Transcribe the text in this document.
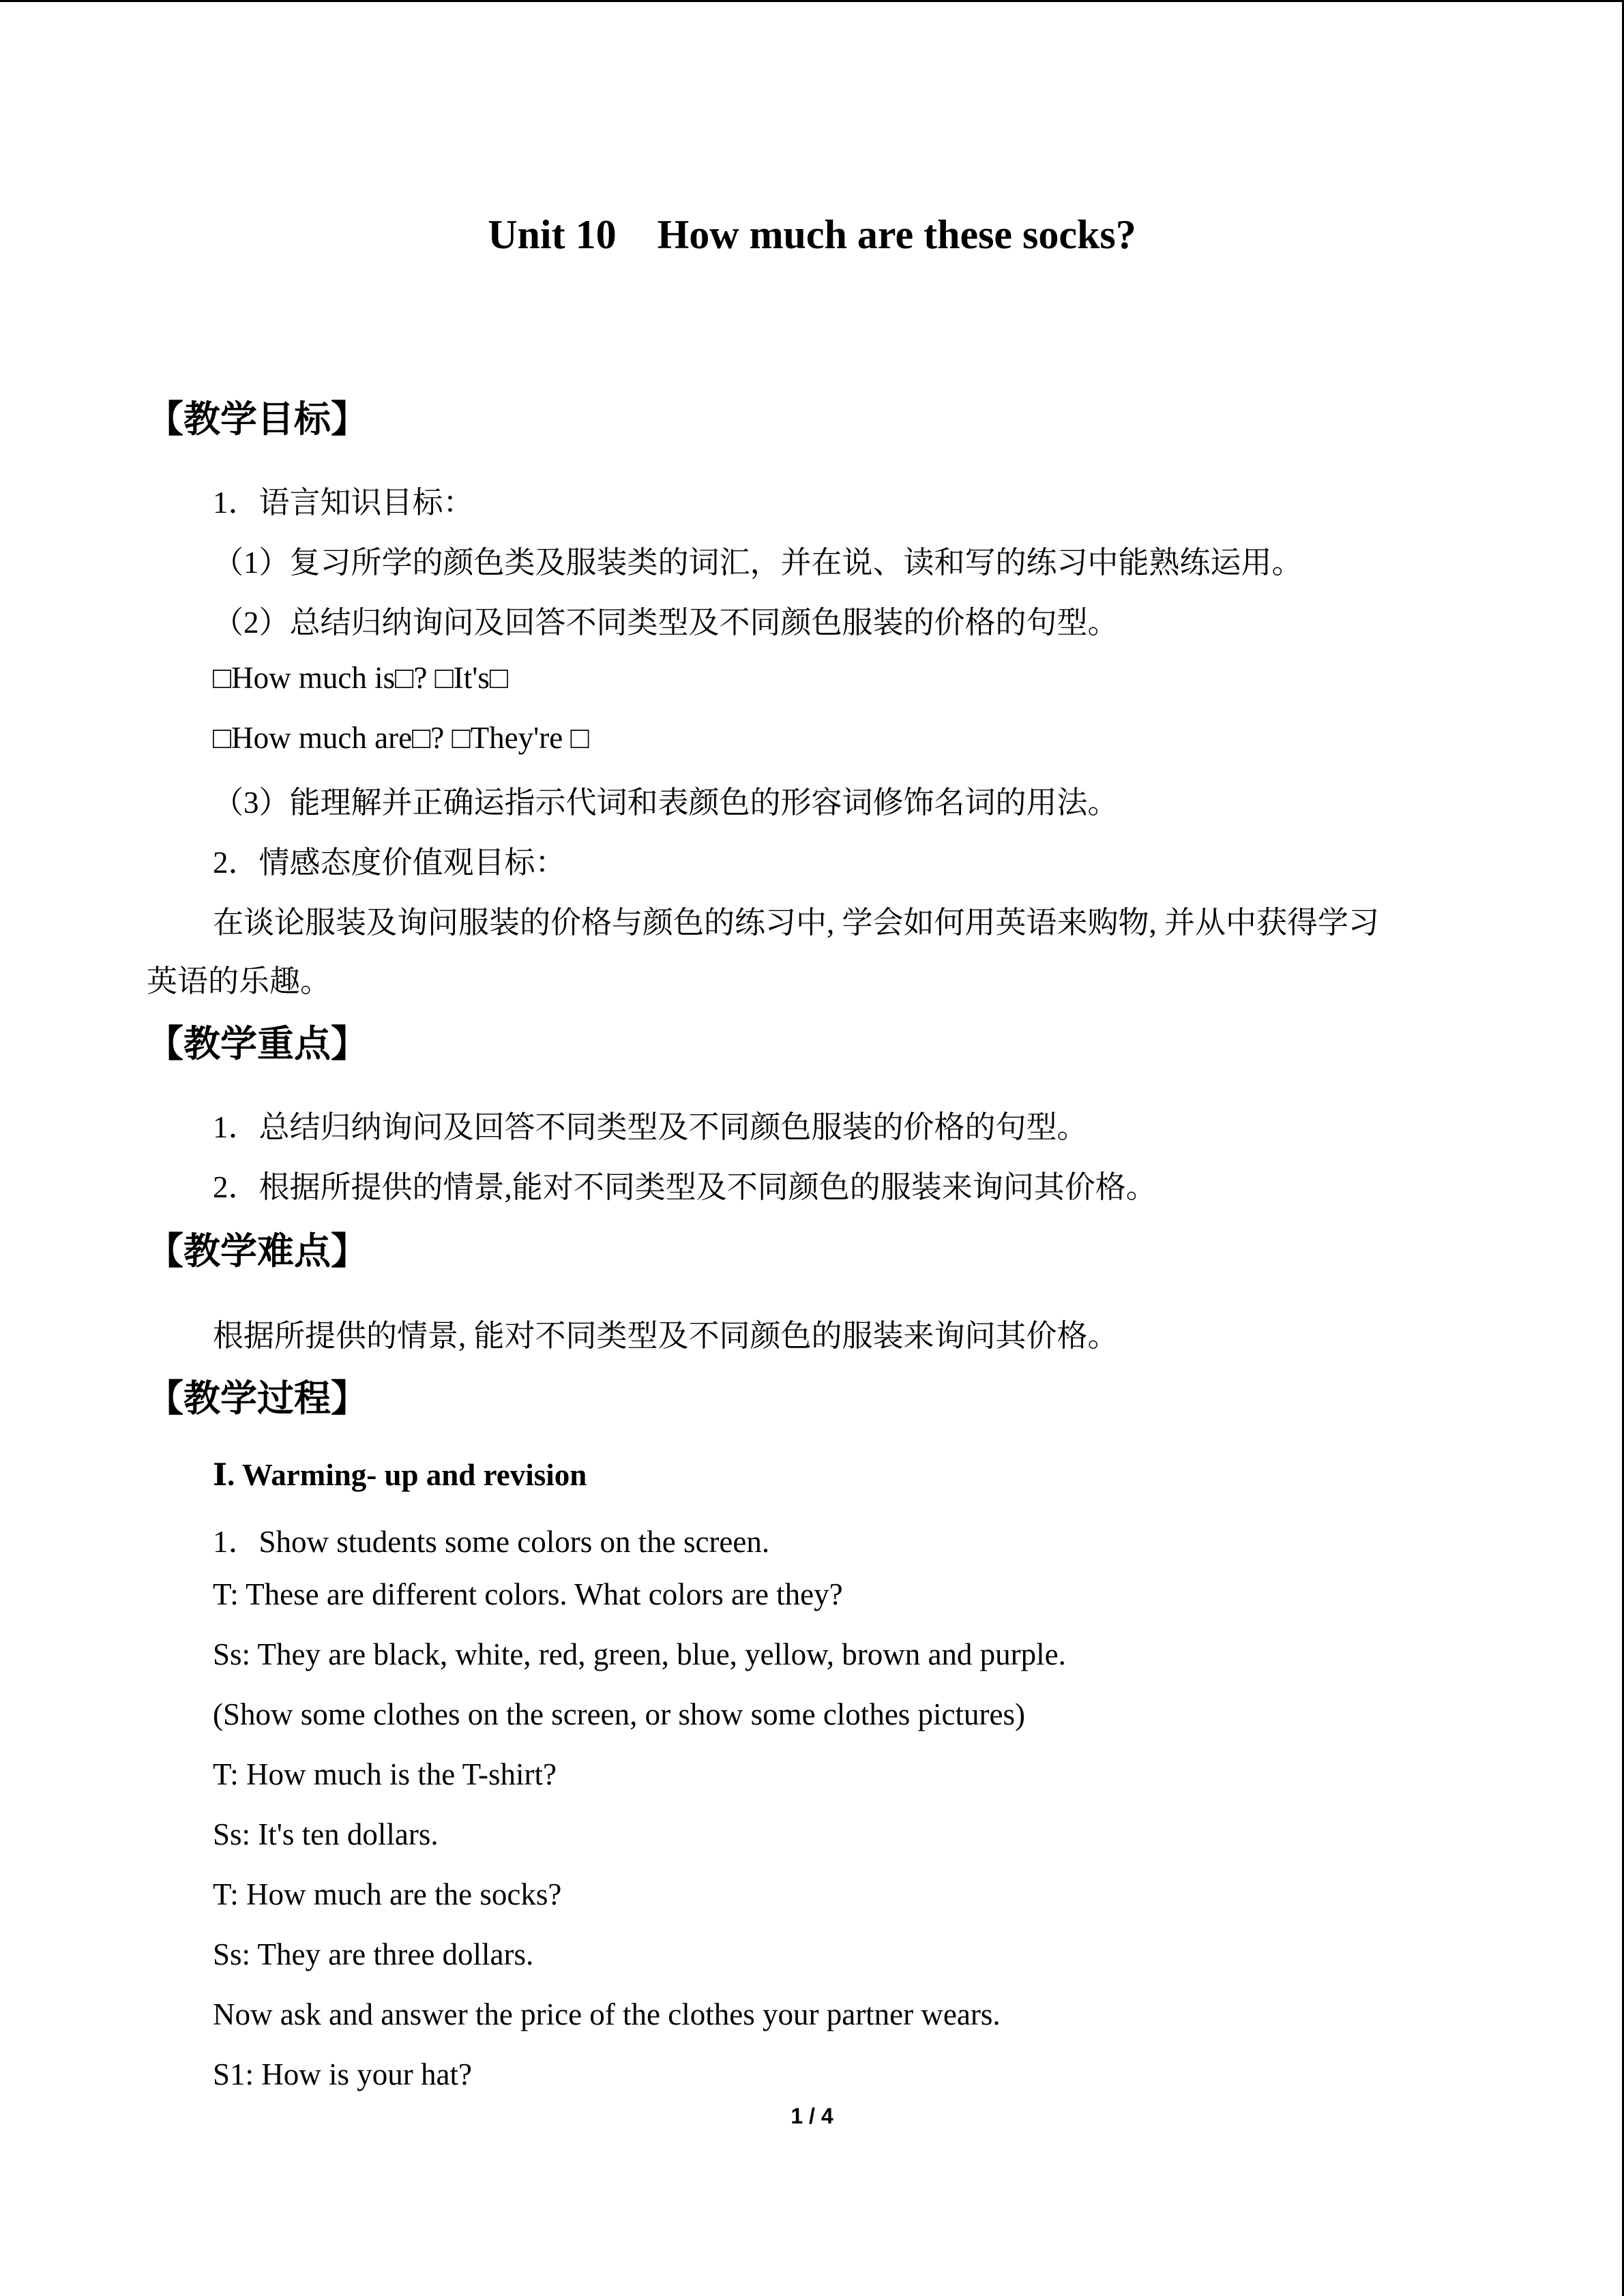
Unit 10    How much are these socks?
【教学目标】
1．语言知识目标：
（1）复习所学的颜色类及服装类的词汇，并在说、读和写的练习中能熟练运用。
（2）总结归纳询问及回答不同类型及不同颜色服装的价格的句型。
□How much is□? □It's□
□How much are□? □They're □
（3）能理解并正确运指示代词和表颜色的形容词修饰名词的用法。
2．情感态度价值观目标：
在谈论服装及询问服装的价格与颜色的练习中, 学会如何用英语来购物, 并从中获得学习
英语的乐趣。
【教学重点】
1．总结归纳询问及回答不同类型及不同颜色服装的价格的句型。
2．根据所提供的情景,能对不同类型及不同颜色的服装来询问其价格。
【教学难点】
根据所提供的情景, 能对不同类型及不同颜色的服装来询问其价格。
【教学过程】
Ⅰ. Warming- up and revision
1．Show students some colors on the screen.
T: These are different colors. What colors are they?
Ss: They are black, white, red, green, blue, yellow, brown and purple.
(Show some clothes on the screen, or show some clothes pictures)
T: How much is the T-shirt?
Ss: It's ten dollars.
T: How much are the socks?
Ss: They are three dollars.
Now ask and answer the price of the clothes your partner wears.
S1: How is your hat?
1 / 4
